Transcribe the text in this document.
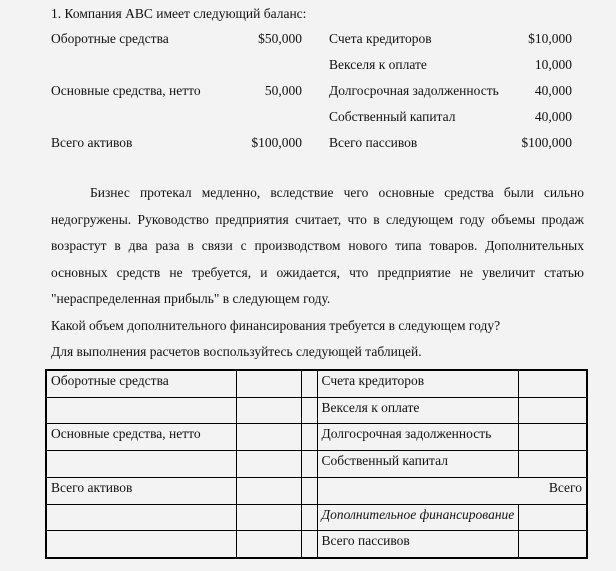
1. Компания АВС имеет следующий баланс:
Оборотные средства	$50,000 Счета кредиторов	$10,000
Векселя к оплате	10,000
Основные средства, нетто	50,000 Долгосрочная задолженность	40,000
Собственный капитал	40,000
Всего активов	$100,000 Всего пассивов	$100,000
Бизнес протекал медленно, вследствие чего основные средства были сильно недогружены. Руководство предприятия считает, что в следующем году объемы продаж возрастут в два раза в связи с производством нового типа товаров. Дополнительных основных средств не требуется, и ожидается, что предприятие не увеличит статью "нераспределенная прибыль" в следующем году.
Какой объем дополнительного финансирования требуется в следующем году?
Для выполнения расчетов воспользуйтесь следующей таблицей.
Оборотные средства			Счета кредиторов	
			Векселя к оплате	
Основные средства, нетто			Долгосрочная задолженность	
			Собственный капитал	
Всего активов			Всего	
			Дополнительное финансирование	
			Всего пассивов	
